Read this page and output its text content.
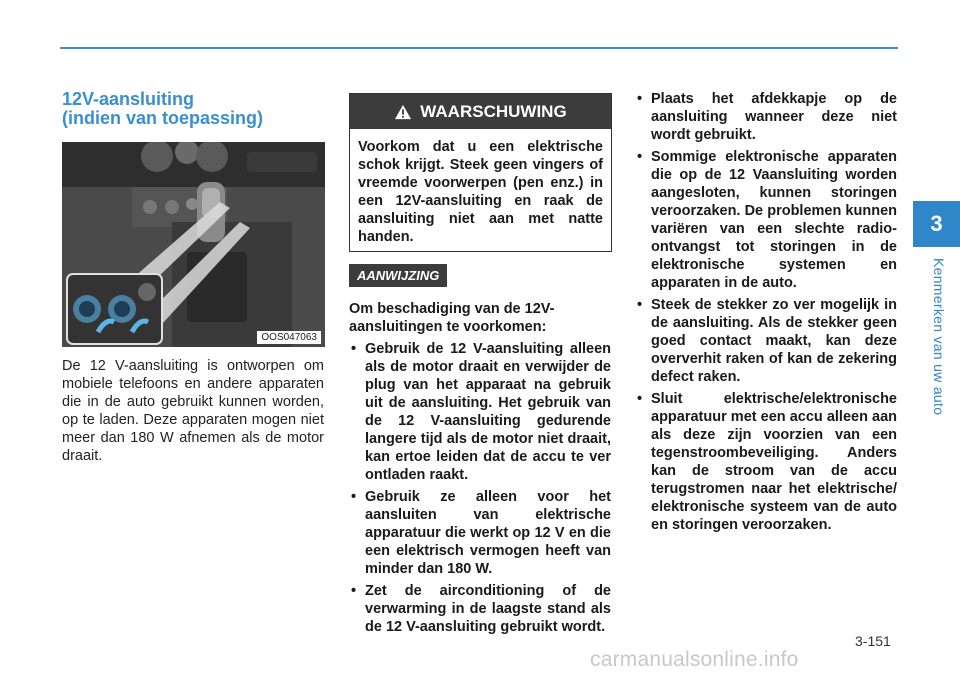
3
Kenmerken van uw auto
12V-aansluiting
(indien van toepassing)
OOS047063

De 12 V-aansluiting is ontworpen om mobiele telefoons en andere apparaten die in de auto gebruikt kunnen worden, op te laden. Deze apparaten mogen niet meer dan 180 W afnemen als de motor draait.

WAARSCHUWING
Voorkom dat u een elektrische schok krijgt. Steek geen vingers of vreemde voorwerpen (pen enz.) in een 12V-aansluiting en raak de aansluiting niet aan met natte handen.
AANWIJZING
Om beschadiging van de 12V-aansluitingen te voorkomen:
• Gebruik de 12 V-aansluiting alleen als de motor draait en verwijder de plug van het apparaat na gebruik uit de aansluiting. Het gebruik van de 12 V-aansluiting gedurende langere tijd als de motor niet draait, kan ertoe leiden dat de accu te ver ontladen raakt.
• Gebruik ze alleen voor het aansluiten van elektrische apparatuur die werkt op 12 V en die een elektrisch vermogen heeft van minder dan 180 W.
• Zet de airconditioning of de verwarming in de laagste stand als de 12 V-aansluiting gebruikt wordt.
• Plaats het afdekkapje op de aansluiting wanneer deze niet wordt gebruikt.
• Sommige elektronische apparaten die op de 12 Vaansluiting worden aangesloten, kunnen storingen veroorzaken. De problemen kunnen variëren van een slechte radio-ontvangst tot storingen in de elektronische systemen en apparaten in de auto.
• Steek de stekker zo ver mogelijk in de aansluiting. Als de stekker geen goed contact maakt, kan deze oververhit raken of kan de zekering defect raken.
• Sluit elektrische/elektronische apparatuur met een accu alleen aan als deze zijn voorzien van een tegenstroombeveiliging. Anders kan de stroom van de accu terugstromen naar het elektrische/ elektronische systeem van de auto en storingen veroorzaken.
3-151
carmanualsonline.info
